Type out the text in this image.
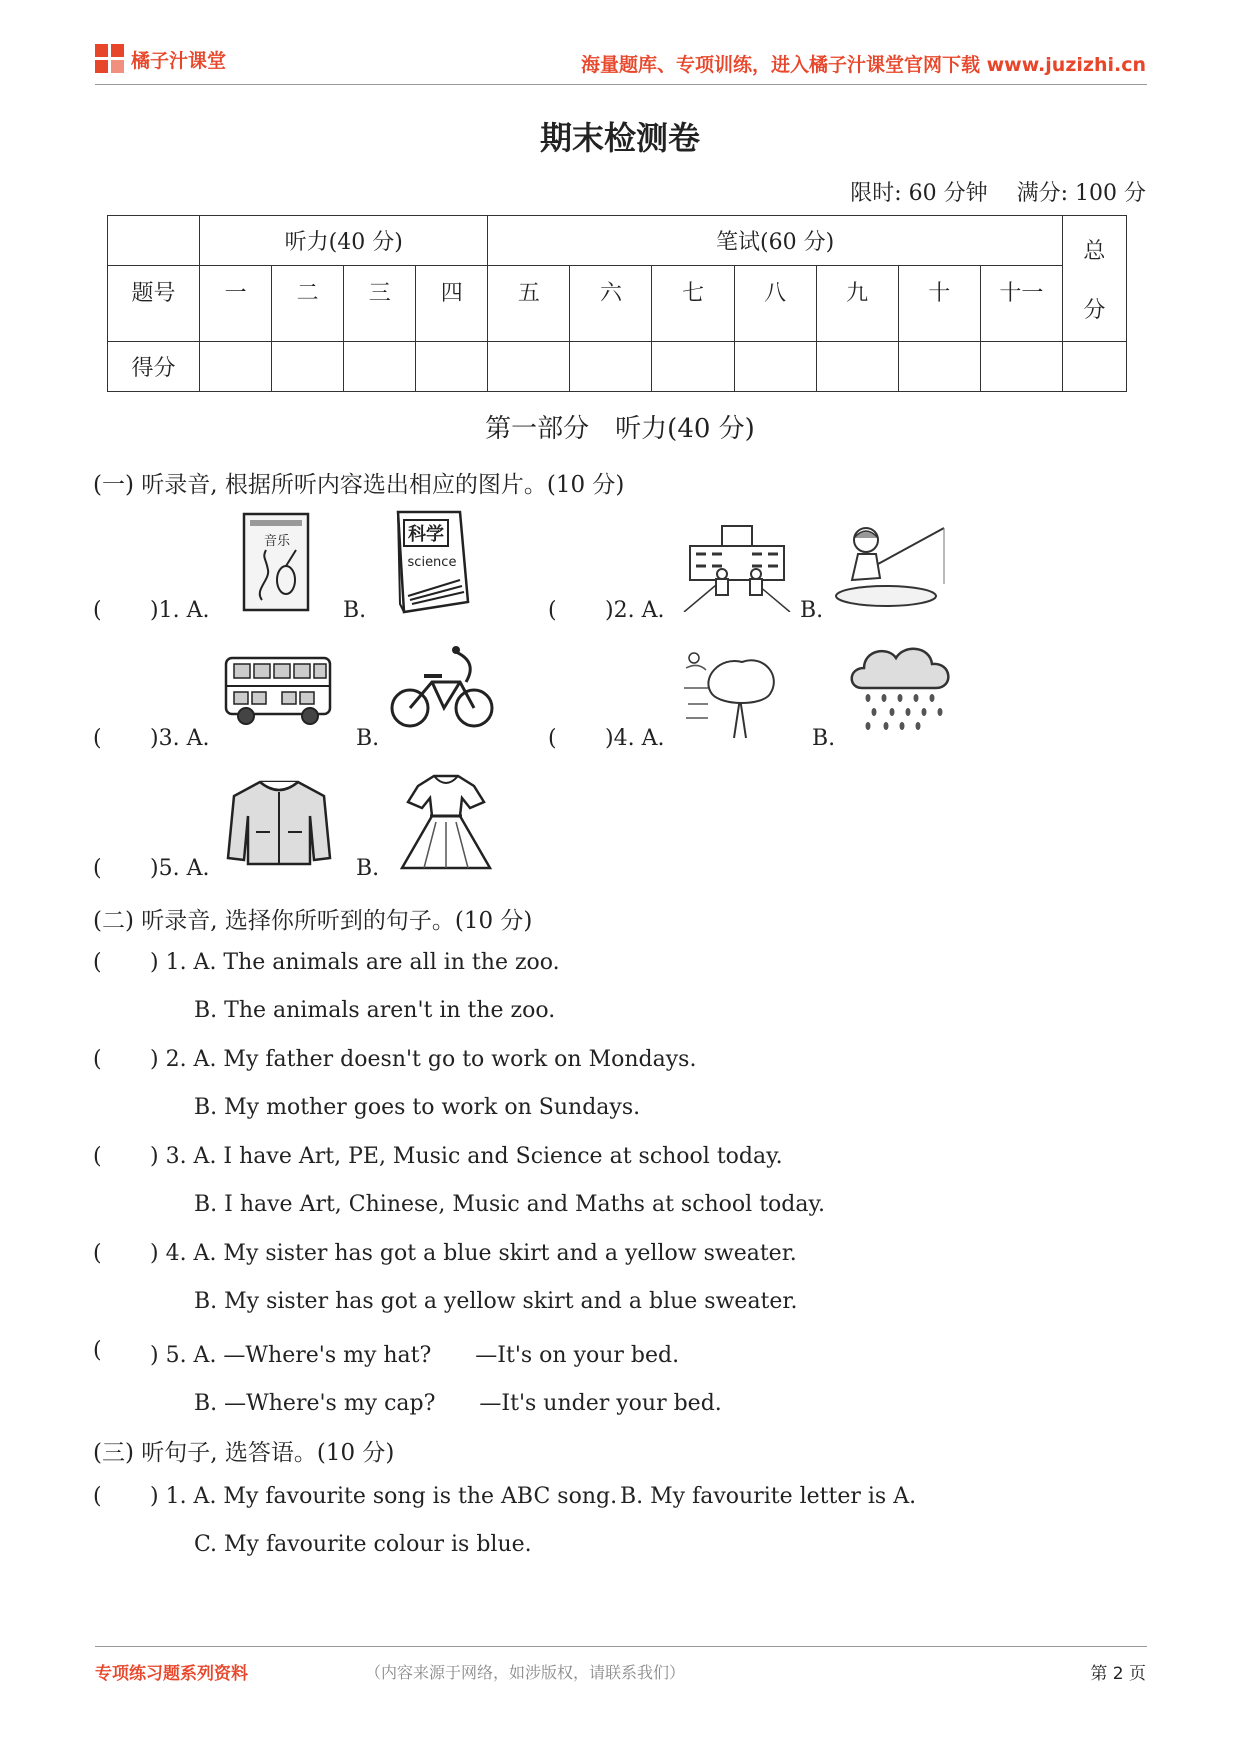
橘子汁课堂	海量题库、专项训练，进入橘子汁课堂官网下载 www.juzizhi.cn
期末检测卷
限时: 60 分钟　 满分: 100 分
	听力(40 分)				笔试(60 分)							总
分

题号	一	二	三	四	五	六	七	八	九	十	十一	
得分												
第一部分　听力(40 分)
(一) 听录音, 根据所听内容选出相应的图片。(10 分)
( )1. A.
音乐
B.
科学
science
( )2. A.	B.
( )3. A.	B.	( )4. A.	B.
( )5. A.	B.
(二) 听录音, 选择你所听到的句子。(10 分)
( ) 1. A. The animals are all in the zoo.
B. The animals aren't in the zoo.
( ) 2. A. My father doesn't go to work on Mondays.
B. My mother goes to work on Sundays.
( ) 3. A. I have Art, PE, Music and Science at school today.
B. I have Art, Chinese, Music and Maths at school today.
( ) 4. A. My sister has got a blue skirt and a yellow sweater.
B. My sister has got a yellow skirt and a blue sweater.
( ) 5. A. —Where's my hat?　　—It's on your bed.
B. —Where's my cap?　　—It's under your bed.
(三) 听句子, 选答语。(10 分)
( ) 1. A. My favourite song is the ABC song. B. My favourite letter is A.
C. My favourite colour is blue.
专项练习题系列资料	（内容来源于网络，如涉版权，请联系我们）	第 2 页
